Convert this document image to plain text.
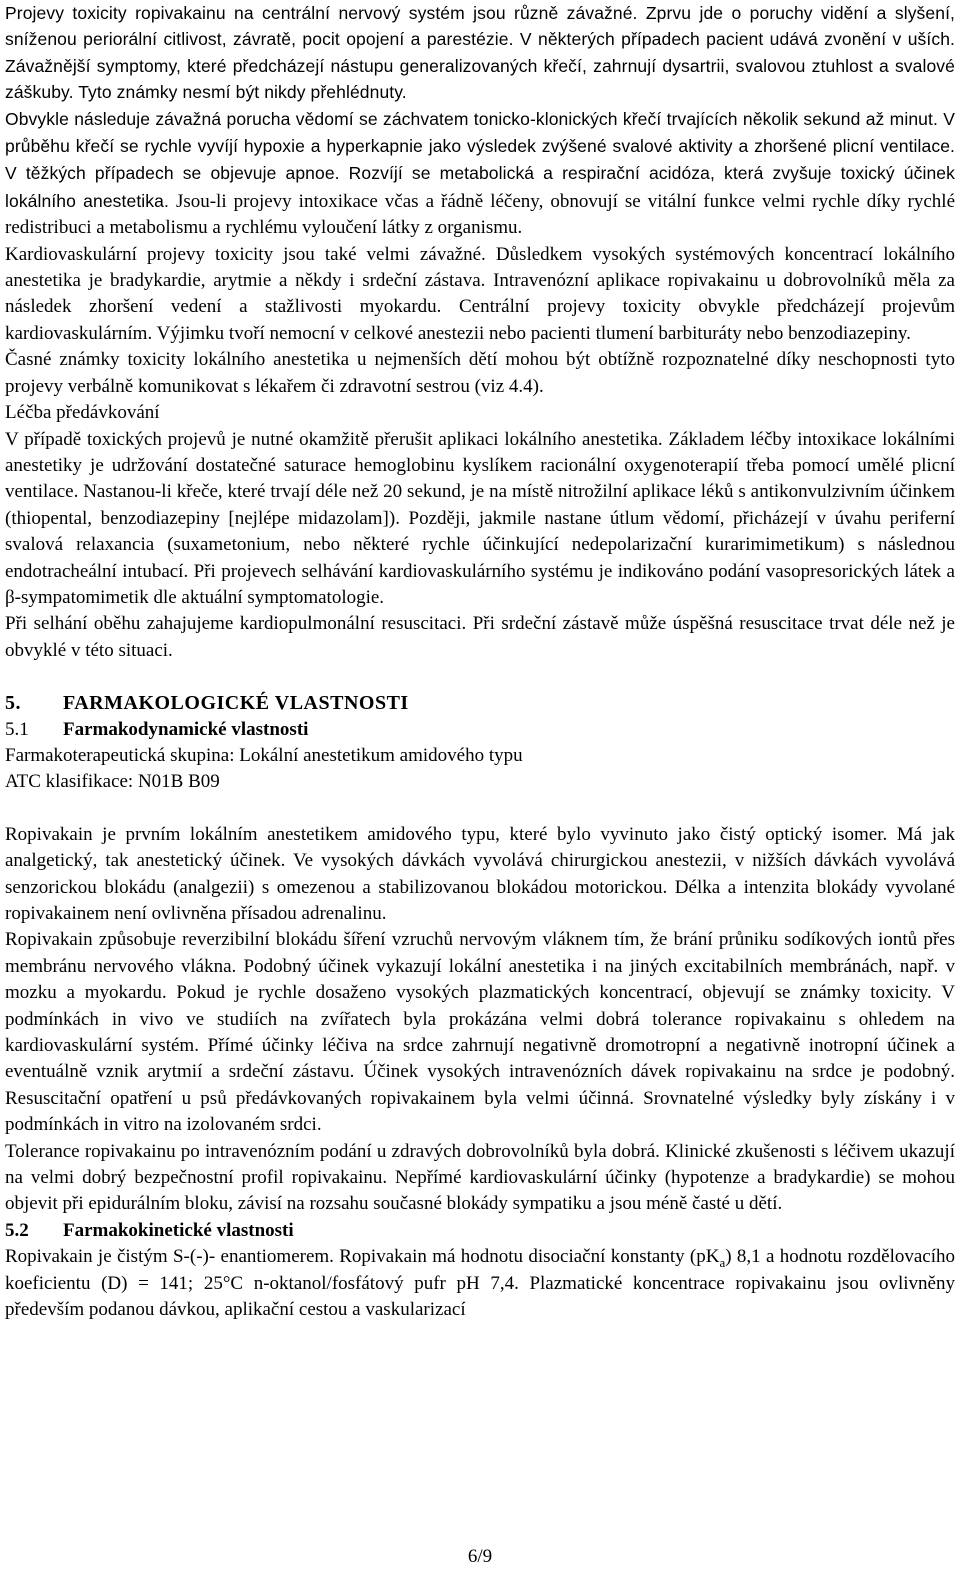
Projevy toxicity ropivakainu na centrální nervový systém jsou různě závažné. Zprvu jde o poruchy vidění a slyšení, sníženou periorální citlivost, závratě, pocit opojení a parestézie. V některých případech pacient udává zvonění v uších. Závažnější symptomy, které předcházejí nástupu generalizovaných křečí, zahrnují dysartrii, svalovou ztuhlost a svalové záškuby. Tyto známky nesmí být nikdy přehlédnuty.

Obvykle následuje závažná porucha vědomí se záchvatem tonicko-klonických křečí trvajících několik sekund až minut. V průběhu křečí se rychle vyvíjí hypoxie a hyperkapnie jako výsledek zvýšené svalové aktivity a zhoršené plicní ventilace. V těžkých případech se objevuje apnoe. Rozvíjí se metabolická a respirační acidóza, která zvyšuje toxický účinek lokálního anestetika. Jsou-li projevy intoxikace včas a řádně léčeny, obnovují se vitální funkce velmi rychle díky rychlé redistribuci a metabolismu a rychlému vyloučení látky z organismu.

Kardiovaskulární projevy toxicity jsou také velmi závažné. Důsledkem vysokých systémových koncentrací lokálního anestetika je bradykardie, arytmie a někdy i srdeční zástava. Intravenózní aplikace ropivakainu u dobrovolníků měla za následek zhoršení vedení a stažlivosti myokardu. Centrální projevy toxicity obvykle předcházejí projevům kardiovaskulárním. Výjimku tvoří nemocní v celkové anestezii nebo pacienti tlumení barbituráty nebo benzodiazepiny.

Časné známky toxicity lokálního anestetika u nejmenších dětí mohou být obtížně rozpoznatelné díky neschopnosti tyto projevy verbálně komunikovat s lékařem či zdravotní sestrou (viz 4.4).

Léčba předávkování

V případě toxických projevů je nutné okamžitě přerušit aplikaci lokálního anestetika. Základem léčby intoxikace lokálními anestetiky je udržování dostatečné saturace hemoglobinu kyslíkem racionální oxygenoterapií třeba pomocí umělé plicní ventilace. Nastanou-li křeče, které trvají déle než 20 sekund, je na místě nitrožilní aplikace léků s antikonvulzivním účinkem (thiopental, benzodiazepiny [nejlépe midazolam]). Později, jakmile nastane útlum vědomí, přicházejí v úvahu periferní svalová relaxancia (suxametonium, nebo některé rychle účinkující nedepolarizační kurarimimetikum) s následnou endotracheální intubací. Při projevech selhávání kardiovaskulárního systému je indikováno podání vasopresorických látek a β-sympatomimetik dle aktuální symptomatologie.

Při selhání oběhu zahajujeme kardiopulmonální resuscitaci. Při srdeční zástavě může úspěšná resuscitace trvat déle než je obvyklé v této situaci.

5. FARMAKOLOGICKÉ VLASTNOSTI

5.1 Farmakodynamické vlastnosti

Farmakoterapeutická skupina: Lokální anestetikum amidového typu

ATC klasifikace: N01B B09

Ropivakain je prvním lokálním anestetikem amidového typu, které bylo vyvinuto jako čistý optický isomer. Má jak analgetický, tak anestetický účinek. Ve vysokých dávkách vyvolává chirurgickou anestezii, v nižších dávkách vyvolává senzorickou blokádu (analgezii) s omezenou a stabilizovanou blokádou motorickou. Délka a intenzita blokády vyvolané ropivakainem není ovlivněna přísadou adrenalinu.

Ropivakain způsobuje reverzibilní blokádu šíření vzruchů nervovým vláknem tím, že brání průniku sodíkových iontů přes membránu nervového vlákna. Podobný účinek vykazují lokální anestetika i na jiných excitabilních membránách, např. v mozku a myokardu. Pokud je rychle dosaženo vysokých plazmatických koncentrací, objevují se známky toxicity. V podmínkách in vivo ve studiích na zvířatech byla prokázána velmi dobrá tolerance ropivakainu s ohledem na kardiovaskulární systém. Přímé účinky léčiva na srdce zahrnují negativně dromotropní a negativně inotropní účinek a eventuálně vznik arytmií a srdeční zástavu. Účinek vysokých intravenózních dávek ropivakainu na srdce je podobný. Resuscitační opatření u psů předávkovaných ropivakainem byla velmi účinná. Srovnatelné výsledky byly získány i v podmínkách in vitro na izolovaném srdci.

Tolerance ropivakainu po intravenózním podání u zdravých dobrovolníků byla dobrá. Klinické zkušenosti s léčivem ukazují na velmi dobrý bezpečnostní profil ropivakainu. Nepřímé kardiovaskulární účinky (hypotenze a bradykardie) se mohou objevit při epidurálním bloku, závisí na rozsahu současné blokády sympatiku a jsou méně časté u dětí.

5.2 Farmakokinetické vlastnosti

Ropivakain je čistým S-(-)- enantiomerem. Ropivakain má hodnotu disociační konstanty $(pK_a)$ 8,1 a hodnotu rozdělovacího koeficientu (D) = 141; 25°C n-oktanol/fosfátový pufr pH 7,4. Plazmatické koncentrace ropivakainu jsou ovlivněny především podanou dávkou, aplikační cestou a vaskularizací

6/9
